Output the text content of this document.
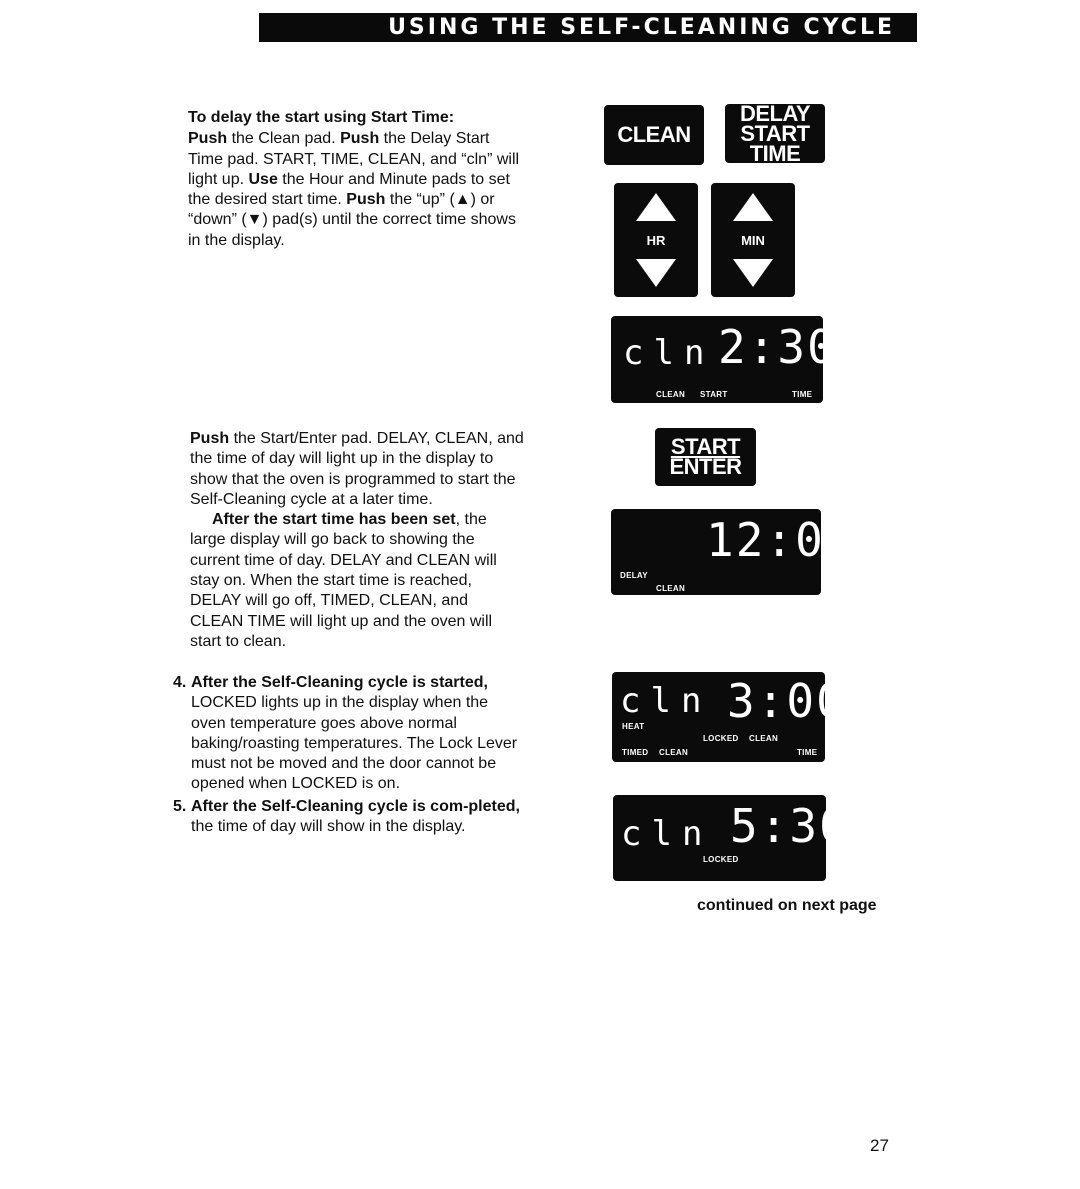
USING THE SELF-CLEANING CYCLE

To delay the start using Start Time:

Push the Clean pad. Push the Delay Start Time pad. START, TIME, CLEAN, and “cln” will light up. Use the Hour and Minute pads to set the desired start time. Push the “up” (▲) or “down” (▼) pad(s) until the correct time shows in the display.

Push the Start/Enter pad. DELAY, CLEAN, and the time of day will light up in the display to show that the oven is programmed to start the Self-Cleaning cycle at a later time.

After the start time has been set, the large display will go back to showing the current time of day. DELAY and CLEAN will stay on. When the start time is reached, DELAY will go off, TIMED, CLEAN, and CLEAN TIME will light up and the oven will start to clean.

4. After the Self-Cleaning cycle is started, LOCKED lights up in the display when the oven temperature goes above normal baking/roasting temperatures. The Lock Lever must not be moved and the door cannot be opened when LOCKED is on.
5. After the Self-Cleaning cycle is com-pleted, the time of day will show in the display.
CLEAN
DELAY
START
TIME
HR	MIN
cln 2:30
CLEAN START	TIME
START
ENTER
12:00
DELAY
CLEAN
cln 3:00
HEAT
LOCKED CLEAN
TIMED CLEAN	TIME
cln 5:30
LOCKED
continued on next page
27
